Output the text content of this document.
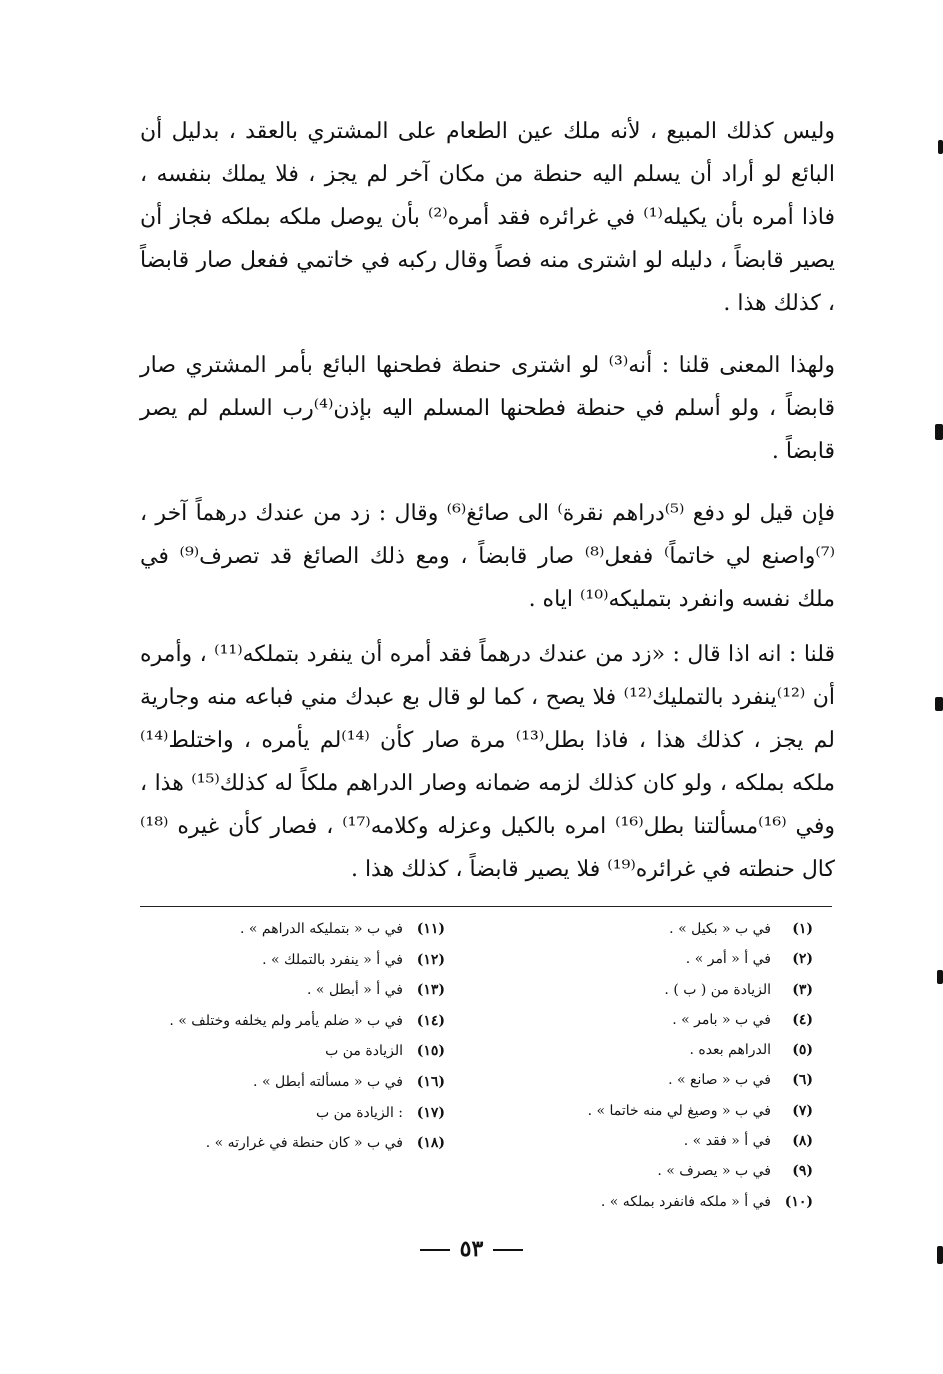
وليس كذلك المبيع ، لأنه ملك عين الطعام على المشتري بالعقد ، بدليل أن البائع لو أراد أن يسلم اليه حنطة من مكان آخر لم يجز ، فلا يملك بنفسه ، فاذا أمره بأن يكيله⁽¹⁾ في غرائره فقد أمره⁽²⁾ بأن يوصل ملكه بملكه فجاز أن يصير قابضاً ، دليله لو اشترى منه فصاً وقال ركبه في خاتمي ففعل صار قابضاً ، كذلك هذا .

ولهذا المعنى قلنا : أنه⁽³⁾ لو اشترى حنطة فطحنها البائع بأمر المشتري صار قابضاً ، ولو أسلم في حنطة فطحنها المسلم اليه بإذن⁽⁴⁾رب السلم لم يصر قابضاً .

فإن قيل لو دفع ⁽⁵⁾دراهم نقرة⁾ الى صائغ⁽⁶⁾ وقال : زد من عندك درهماً آخر ، ⁽⁷⁾واصنع لي خاتماً⁾ ففعل⁽⁸⁾ صار قابضاً ، ومع ذلك الصائغ قد تصرف⁽⁹⁾ في ملك نفسه وانفرد بتمليكه⁽¹⁰⁾ اياه .

قلنا : انه اذا قال : «زد من عندك درهماً فقد أمره أن ينفرد بتملكه⁽¹¹⁾ ، وأمره أن ⁽¹²⁾ينفرد بالتمليك⁽¹²⁾ فلا يصح ، كما لو قال بع عبدك مني فباعه منه وجارية لم يجز ، كذلك هذا ، فاذا بطل⁽¹³⁾ مرة صار كأن ⁽¹⁴⁾لم يأمره ، واختلط⁽¹⁴⁾ ملكه بملكه ، ولو كان كذلك لزمه ضمانه وصار الدراهم ملكاً له كذلك⁽¹⁵⁾ هذا ، وفي ⁽¹⁶⁾مسألتنا بطل⁽¹⁶⁾ امره بالكيل وعزله وكلامه⁽¹⁷⁾ ، فصار كأن غيره ⁽¹⁸⁾كال حنطته في غرائره⁽¹⁹⁾ فلا يصير قابضاً ، كذلك هذا .

(١)
في ب « بكيل » .
(٢)
في أ « أمر » .
(٣)
الزيادة من ( ب ) .
(٤)
في ب « بامر » .
(٥)
الدراهم بعده .
(٦)
في ب « صانع » .
(٧)
في ب « وصيغ لي منه خاتما » .
(٨)
في أ « فقد » .
(٩)
في ب « يصرف » .
(١٠)
في أ « ملكه فانفرد بملكه » .
(١١)
في ب « بتمليكه الدراهم » .
(١٢)
في أ « ينفرد بالتملك » .
(١٣)
في أ « أبطل » .
(١٤)
في ب « ضلم يأمر ولم يخلفه وختلف » .
(١٥)
الزيادة من ب
(١٦)
في ب « مسألته أبطل » .
(١٧)
: الزيادة من ب
(١٨)
في ب « كان حنطة في غرارته » .
٥٣
